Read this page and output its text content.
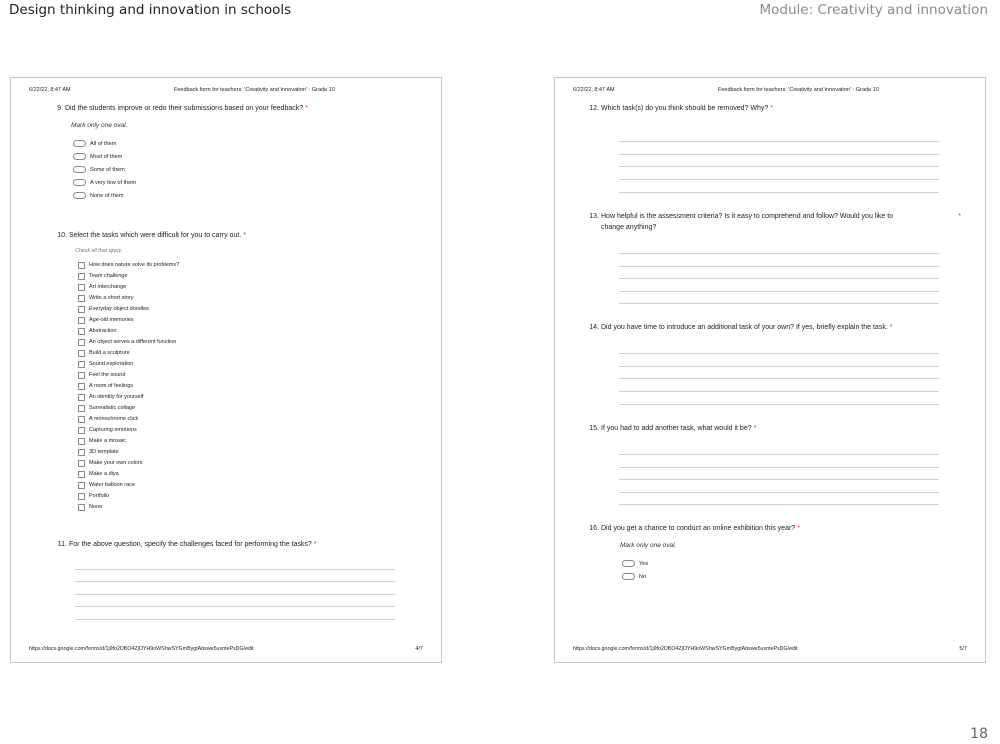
Design thinking and innovation in schools	Module: Creativity and innovation
6/22/22, 8:47 AM	Feedback form for teachers: 'Creativity and Innovation' - Grade 10
9. Did the students improve or redo their submissions based on your feedback? *
Mark only one oval.
All of them
Most of them
Some of them
A very few of them
None of them
10. Select the tasks which were difficult for you to carry out. *
Check all that apply.
11. For the above question, specify the challenges faced for performing the tasks? *
https://docs.google.com/forms/d/1j9fo2DBO4ZjOYH9oWShwSYGmBygtAbswe5uxmePsDG/edit	4/7
How does nature solve its problems?
Team challenge
Art interchange
Write a short story
Everyday object doodles
Age-old memories
Abstraction
An object serves a different function
Build a sculpture
Sound exploration
Feel the sound
A room of feelings
An identity for yourself
Surrealistic collage
A monochrome click
Capturing emotions
Make a mosaic
3D template
Make your own colors
Make a diya
Water balloon race
Portfolio
None
6/22/22, 8:47 AM	Feedback form for teachers: 'Creativity and Innovation' - Grade 10
12. Which task(s) do you think should be removed? Why? *
13. How helpful is the assessment criteria? Is it easy to comprehend and follow? Would you like to
change anything?
*
14. Did you have time to introduce an additional task of your own? If yes, briefly explain the task. *
15. If you had to add another task, what would it be? *
16. Did you get a chance to conduct an online exhibition this year? *
Mark only one oval.
Yes
No
https://docs.google.com/forms/d/1j9fo2DBO4ZjOYH9oWShwSYGmBygtAbswe5uxmePsDG/edit	5/7
18
